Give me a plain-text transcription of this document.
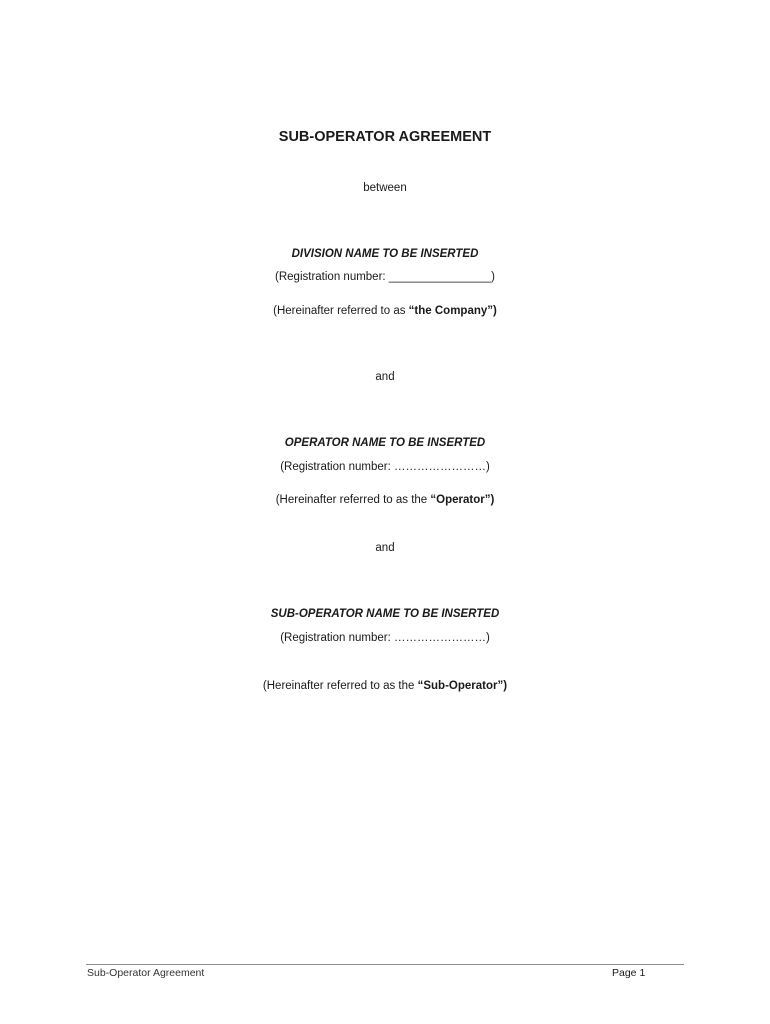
SUB-OPERATOR AGREEMENT
between
DIVISION NAME TO BE INSERTED
(Registration number: ________________)
(Hereinafter referred to as “the Company”)
and
OPERATOR NAME TO BE INSERTED
(Registration number: ……………………)
(Hereinafter referred to as the “Operator”)
and
SUB-OPERATOR NAME TO BE INSERTED
(Registration number: ……………………)
(Hereinafter referred to as the “Sub-Operator”)
Sub-Operator Agreement	Page 1
